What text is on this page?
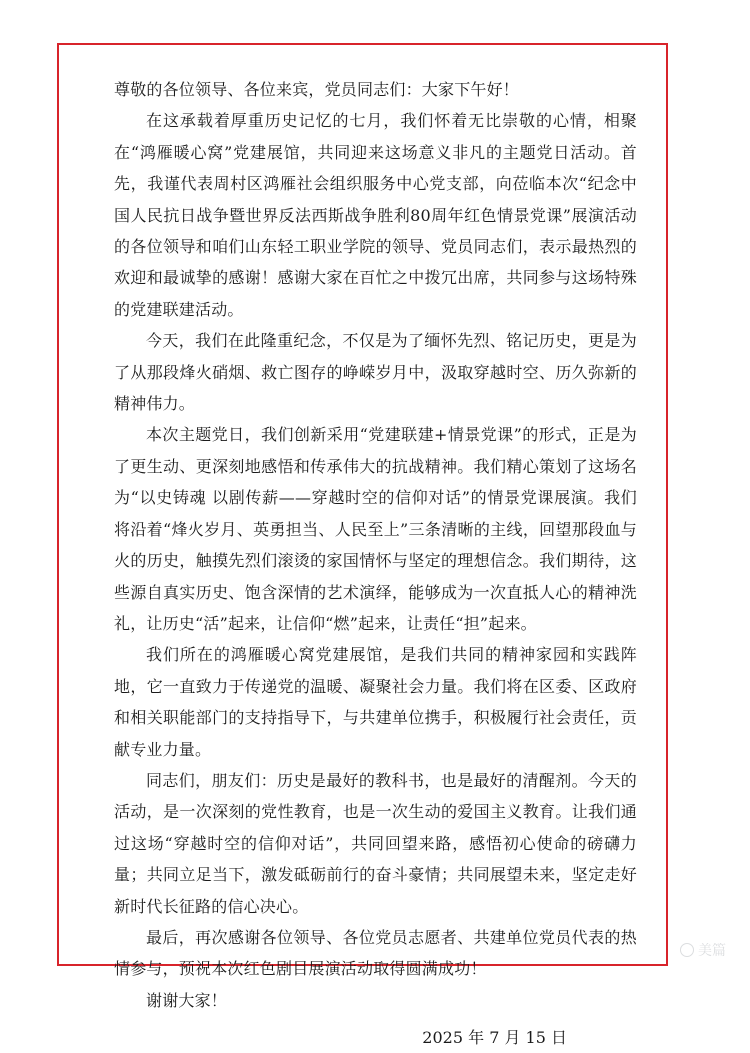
尊敬的各位领导、各位来宾，党员同志们：大家下午好！

在这承载着厚重历史记忆的七月，我们怀着无比崇敬的心情，相聚在“鸿雁暖心窝”党建展馆，共同迎来这场意义非凡的主题党日活动。首先，我谨代表周村区鸿雁社会组织服务中心党支部，向莅临本次“纪念中国人民抗日战争暨世界反法西斯战争胜利80周年红色情景党课”展演活动的各位领导和咱们山东轻工职业学院的领导、党员同志们，表示最热烈的欢迎和最诚挚的感谢！感谢大家在百忙之中拨冗出席，共同参与这场特殊的党建联建活动。

今天，我们在此隆重纪念，不仅是为了缅怀先烈、铭记历史，更是为了从那段烽火硝烟、救亡图存的峥嵘岁月中，汲取穿越时空、历久弥新的精神伟力。

本次主题党日，我们创新采用“党建联建+情景党课”的形式，正是为了更生动、更深刻地感悟和传承伟大的抗战精神。我们精心策划了这场名为“以史铸魂 以剧传薪——穿越时空的信仰对话”的情景党课展演。我们将沿着“烽火岁月、英勇担当、人民至上”三条清晰的主线，回望那段血与火的历史，触摸先烈们滚烫的家国情怀与坚定的理想信念。我们期待，这些源自真实历史、饱含深情的艺术演绎，能够成为一次直抵人心的精神洗礼，让历史“活”起来，让信仰“燃”起来，让责任“担”起来。

我们所在的鸿雁暖心窝党建展馆，是我们共同的精神家园和实践阵地，它一直致力于传递党的温暖、凝聚社会力量。我们将在区委、区政府和相关职能部门的支持指导下，与共建单位携手，积极履行社会责任，贡献专业力量。

同志们，朋友们：历史是最好的教科书，也是最好的清醒剂。今天的活动，是一次深刻的党性教育，也是一次生动的爱国主义教育。让我们通过这场“穿越时空的信仰对话”，共同回望来路，感悟初心使命的磅礴力量；共同立足当下，激发砥砺前行的奋斗豪情；共同展望未来，坚定走好新时代长征路的信心决心。

最后，再次感谢各位领导、各位党员志愿者、共建单位党员代表的热情参与，预祝本次红色剧目展演活动取得圆满成功！

谢谢大家！

2025 年 7 月 15 日

美篇
